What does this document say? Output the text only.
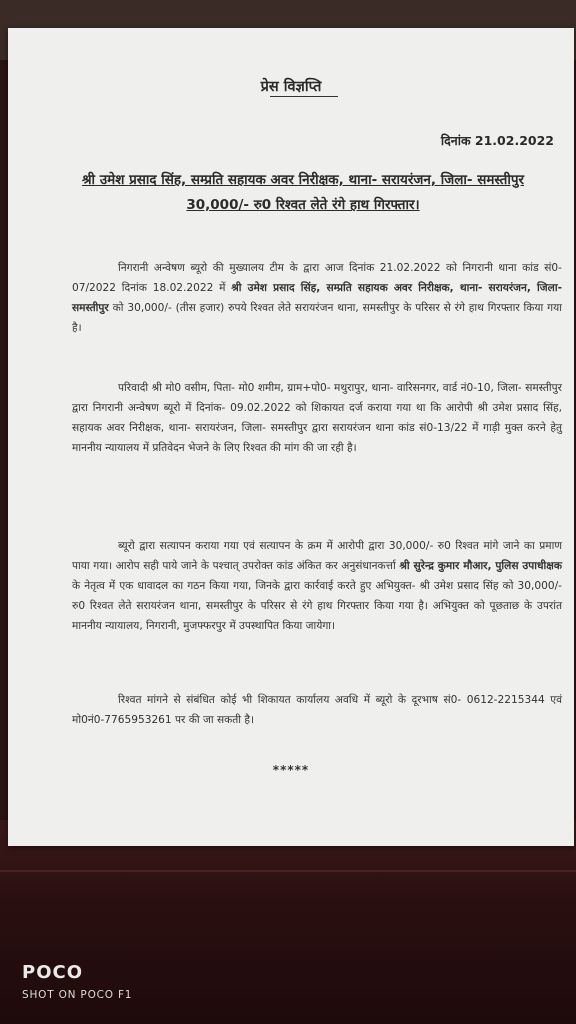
प्रेस विज्ञप्ति
दिनांक 21.02.2022
श्री उमेश प्रसाद सिंह, सम्प्रति सहायक अवर निरीक्षक, थाना- सरायरंजन, जिला- समस्तीपुर 30,000/- रु0 रिश्वत लेते रंगे हाथ गिरफ्तार।
निगरानी अन्वेषण ब्यूरो की मुख्यालय टीम के द्वारा आज दिनांक 21.02.2022 को निगरानी थाना कांड सं0-07/2022 दिनांक 18.02.2022 में श्री उमेश प्रसाद सिंह, सम्प्रति सहायक अवर निरीक्षक, थाना- सरायरंजन, जिला- समस्तीपुर को 30,000/- (तीस हजार) रुपये रिश्वत लेते सरायरंजन थाना, समस्तीपुर के परिसर से रंगे हाथ गिरफ्तार किया गया है।
परिवादी श्री मो0 वसीम, पिता- मो0 शमीम, ग्राम+पो0- मथुरापुर, थाना- वारिसनगर, वार्ड नं0-10, जिला- समस्तीपुर द्वारा निगरानी अन्वेषण ब्यूरो में दिनांक- 09.02.2022 को शिकायत दर्ज कराया गया था कि आरोपी श्री उमेश प्रसाद सिंह, सहायक अवर निरीक्षक, थाना- सरायरंजन, जिला- समस्तीपुर द्वारा सरायरंजन थाना कांड सं0-13/22 में गाड़ी मुक्त करने हेतु माननीय न्यायालय में प्रतिवेदन भेजने के लिए रिश्वत की मांग की जा रही है।
ब्यूरो द्वारा सत्यापन कराया गया एवं सत्यापन के क्रम में आरोपी द्वारा 30,000/- रु0 रिश्वत मांगे जाने का प्रमाण पाया गया। आरोप सही पाये जाने के पश्चात् उपरोक्त कांड अंकित कर अनुसंधानकर्त्ता श्री सुरेन्द्र कुमार मौआर, पुलिस उपाधीक्षक के नेतृत्व में एक धावादल का गठन किया गया, जिनके द्वारा कार्रवाई करते हुए अभियुक्त- श्री उमेश प्रसाद सिंह को 30,000/- रु0 रिश्वत लेते सरायरंजन थाना, समस्तीपुर के परिसर से रंगे हाथ गिरफ्तार किया गया है। अभियुक्त को पूछताछ के उपरांत माननीय न्यायालय, निगरानी, मुजफ्फरपुर में उपस्थापित किया जायेगा।
रिश्वत मांगने से संबंधित कोई भी शिकायत कार्यालय अवधि में ब्यूरो के दूरभाष सं0- 0612-2215344 एवं मो0नं0-7765953261 पर की जा सकती है।
*****
POCO
SHOT ON POCO F1
